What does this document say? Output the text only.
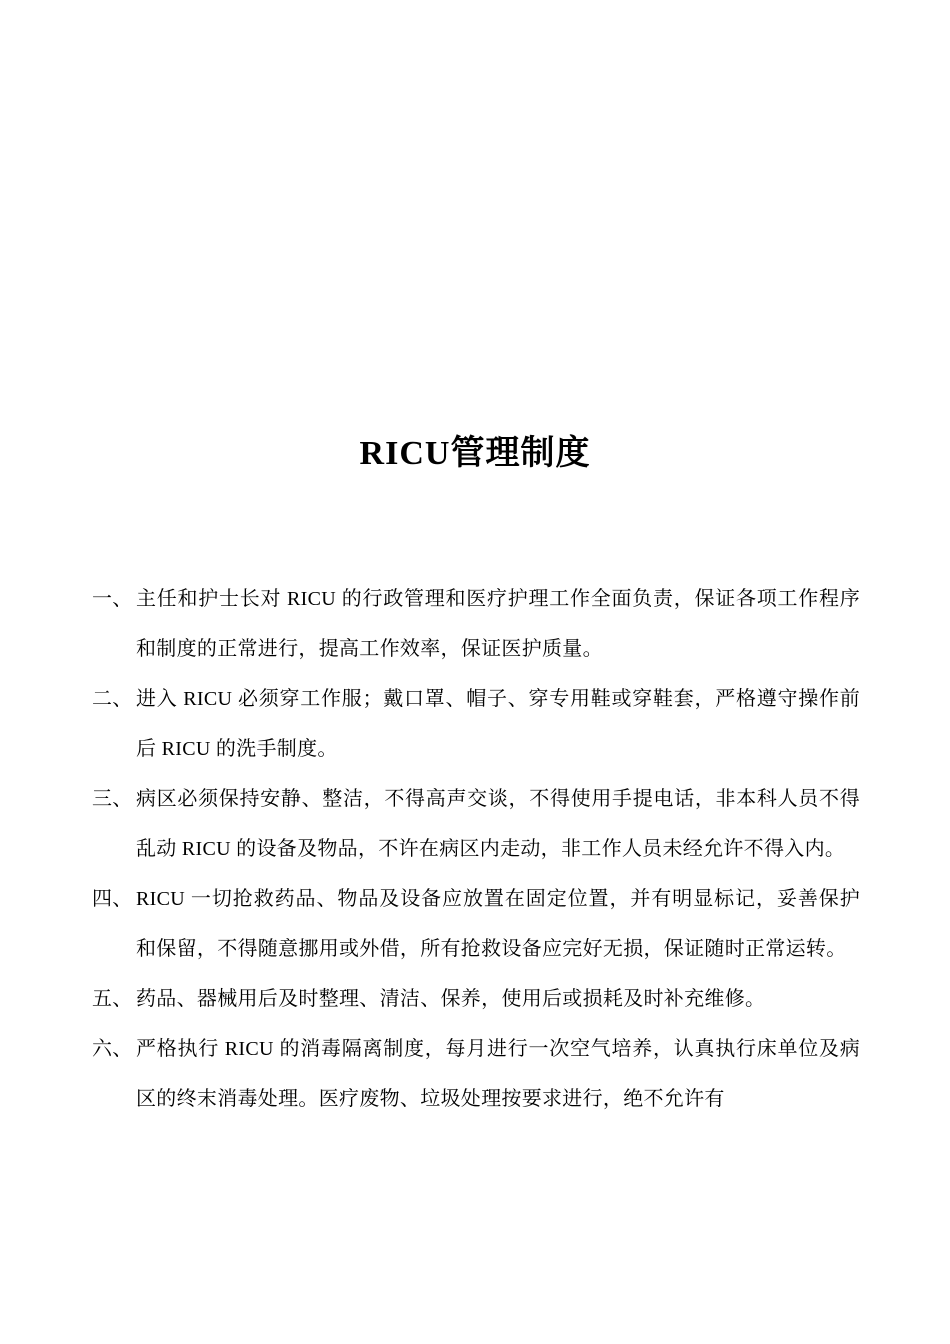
RICU管理制度
一、 主任和护士长对 RICU 的行政管理和医疗护理工作全面负责，保证各项工作程序和制度的正常进行，提高工作效率，保证医护质量。
二、 进入 RICU 必须穿工作服；戴口罩、帽子、穿专用鞋或穿鞋套，严格遵守操作前后 RICU 的洗手制度。
三、 病区必须保持安静、整洁，不得高声交谈，不得使用手提电话，非本科人员不得乱动 RICU 的设备及物品，不许在病区内走动，非工作人员未经允许不得入内。
四、 RICU 一切抢救药品、物品及设备应放置在固定位置，并有明显标记，妥善保护和保留，不得随意挪用或外借，所有抢救设备应完好无损，保证随时正常运转。
五、 药品、器械用后及时整理、清洁、保养，使用后或损耗及时补充维修。
六、 严格执行 RICU 的消毒隔离制度，每月进行一次空气培养，认真执行床单位及病区的终末消毒处理。医疗废物、垃圾处理按要求进行，绝不允许有
